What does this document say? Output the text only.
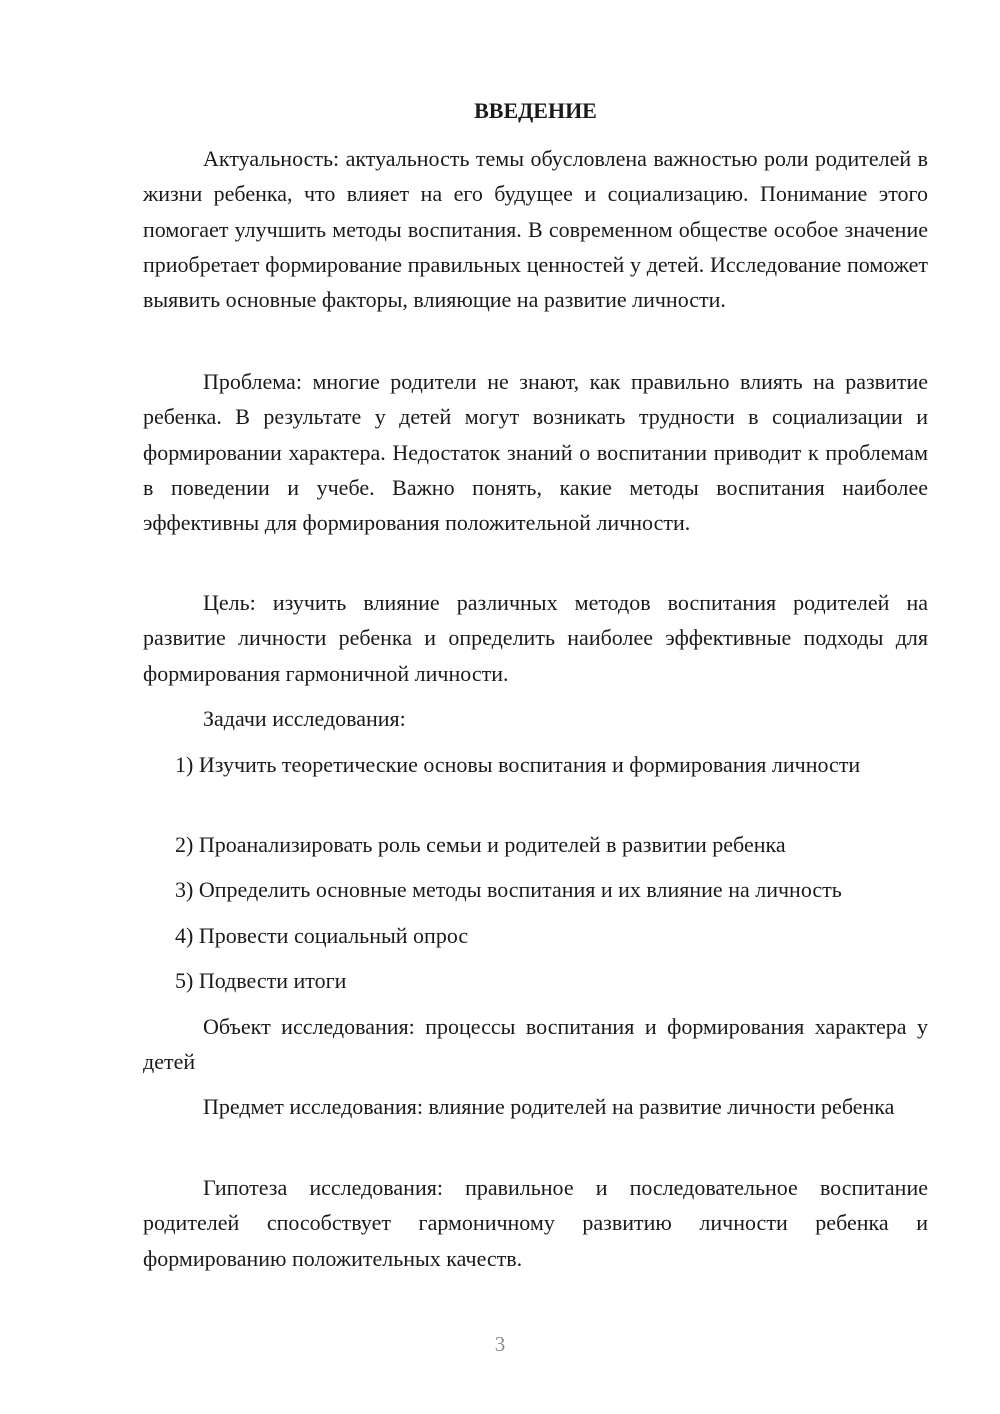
ВВЕДЕНИЕ

Актуальность: актуальность темы обусловлена важностью роли родителей в жизни ребенка, что влияет на его будущее и социализацию. Понимание этого помогает улучшить методы воспитания. В современном обществе особое значение приобретает формирование правильных ценностей у детей. Исследование поможет выявить основные факторы, влияющие на развитие личности.

Проблема: многие родители не знают, как правильно влиять на развитие ребенка. В результате у детей могут возникать трудности в социализации и формировании характера. Недостаток знаний о воспитании приводит к проблемам в поведении и учебе. Важно понять, какие методы воспитания наиболее эффективны для формирования положительной личности.

Цель: изучить влияние различных методов воспитания родителей на развитие личности ребенка и определить наиболее эффективные подходы для формирования гармоничной личности.

Задачи исследования:

1) Изучить теоретические основы воспитания и формирования личности

2) Проанализировать роль семьи и родителей в развитии ребенка

3) Определить основные методы воспитания и их влияние на личность

4) Провести социальный опрос

5) Подвести итоги

Объект исследования: процессы воспитания и формирования характера у детей

Предмет исследования: влияние родителей на развитие личности ребенка

Гипотеза исследования: правильное и последовательное воспитание родителей способствует гармоничному развитию личности ребенка и формированию положительных качеств.

3
